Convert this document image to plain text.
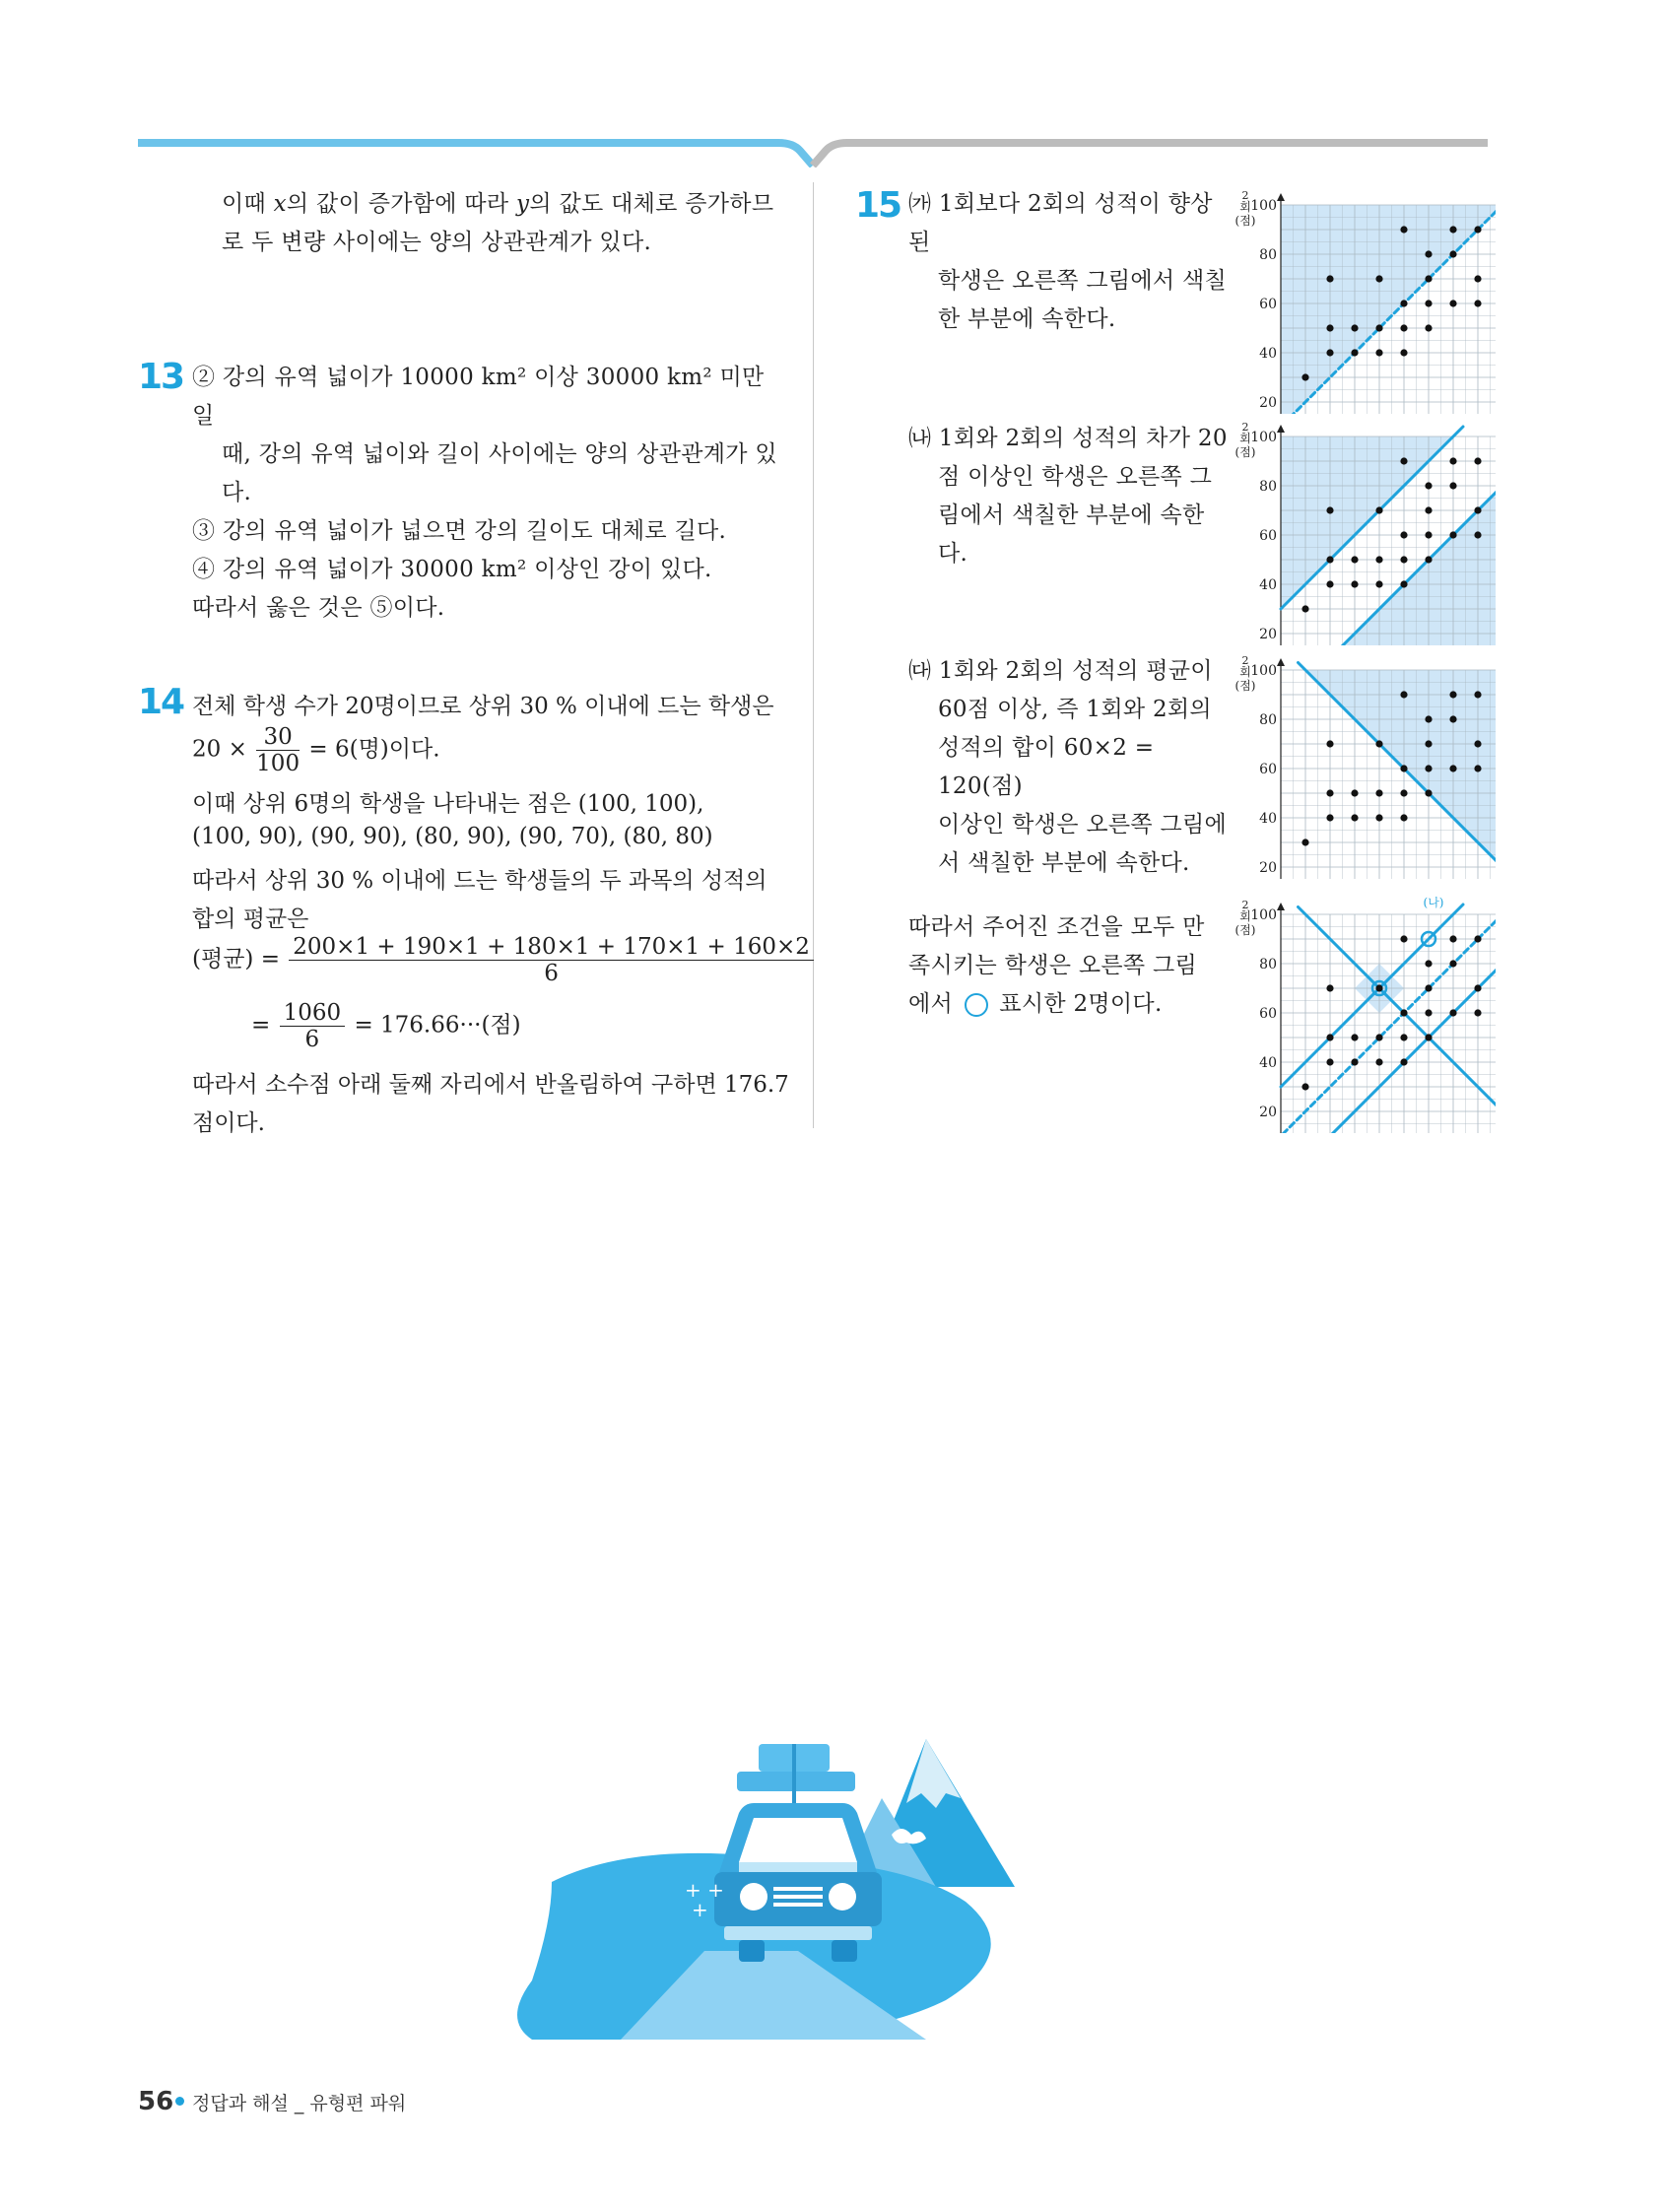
이때 𝑥의 값이 증가함에 따라 𝑦의 값도 대체로 증가하므

로 두 변량 사이에는 양의 상관관계가 있다.

13 ② 강의 유역 넓이가 10000 km² 이상 30000 km² 미만일

때, 강의 유역 넓이와 길이 사이에는 양의 상관관계가 있

다.

③ 강의 유역 넓이가 넓으면 강의 길이도 대체로 길다.

④ 강의 유역 넓이가 30000 km² 이상인 강이 있다.

따라서 옳은 것은 ⑤이다.

14 전체 학생 수가 20명이므로 상위 30 % 이내에 드는 학생은
$20 \times \frac{30}{100} = 6$(명)이다.
이때 상위 6명의 학생을 나타내는 점은 (100, 100),
(100, 90), (90, 90), (80, 90), (90, 70), (80, 80)
따라서 상위 30 % 이내에 드는 학생들의 두 과목의 성적의
합의 평균은
(평균) = $\frac{200\times 1 + 190\times 1 + 180\times 1 + 170\times 1 + 160\times 2}{6}$
= $\frac{1060}{6} = 176.66\cdot\cdot\cdot$(점)
따라서 소수점 아래 둘째 자리에서 반올림하여 구하면 176.7
점이다.
15 ㈎ 1회보다 2회의 성적이 향상된

학생은 오른쪽 그림에서 색칠

한 부분에 속한다.

㈏ 1회와 2회의 성적의 차가 20

점 이상인 학생은 오른쪽 그

림에서 색칠한 부분에 속한

다.

㈐ 1회와 2회의 성적의 평균이

60점 이상, 즉 1회와 2회의

성적의 합이 60×2 = 120(점)

이상인 학생은 오른쪽 그림에

서 색칠한 부분에 속한다.

따라서 주어진 조건을 모두 만

족시키는 학생은 오른쪽 그림

에서 표시한 2명이다.

20
40
60
80
100
2
회
(점)
20
40
60
80
100
2
회
(점)
20
40
60
80
100
2
회
(점)
20
40
60
80
100
2
회
(점)
(나)
+ +
+
56 정답과 해설 _ 유형편 파워
